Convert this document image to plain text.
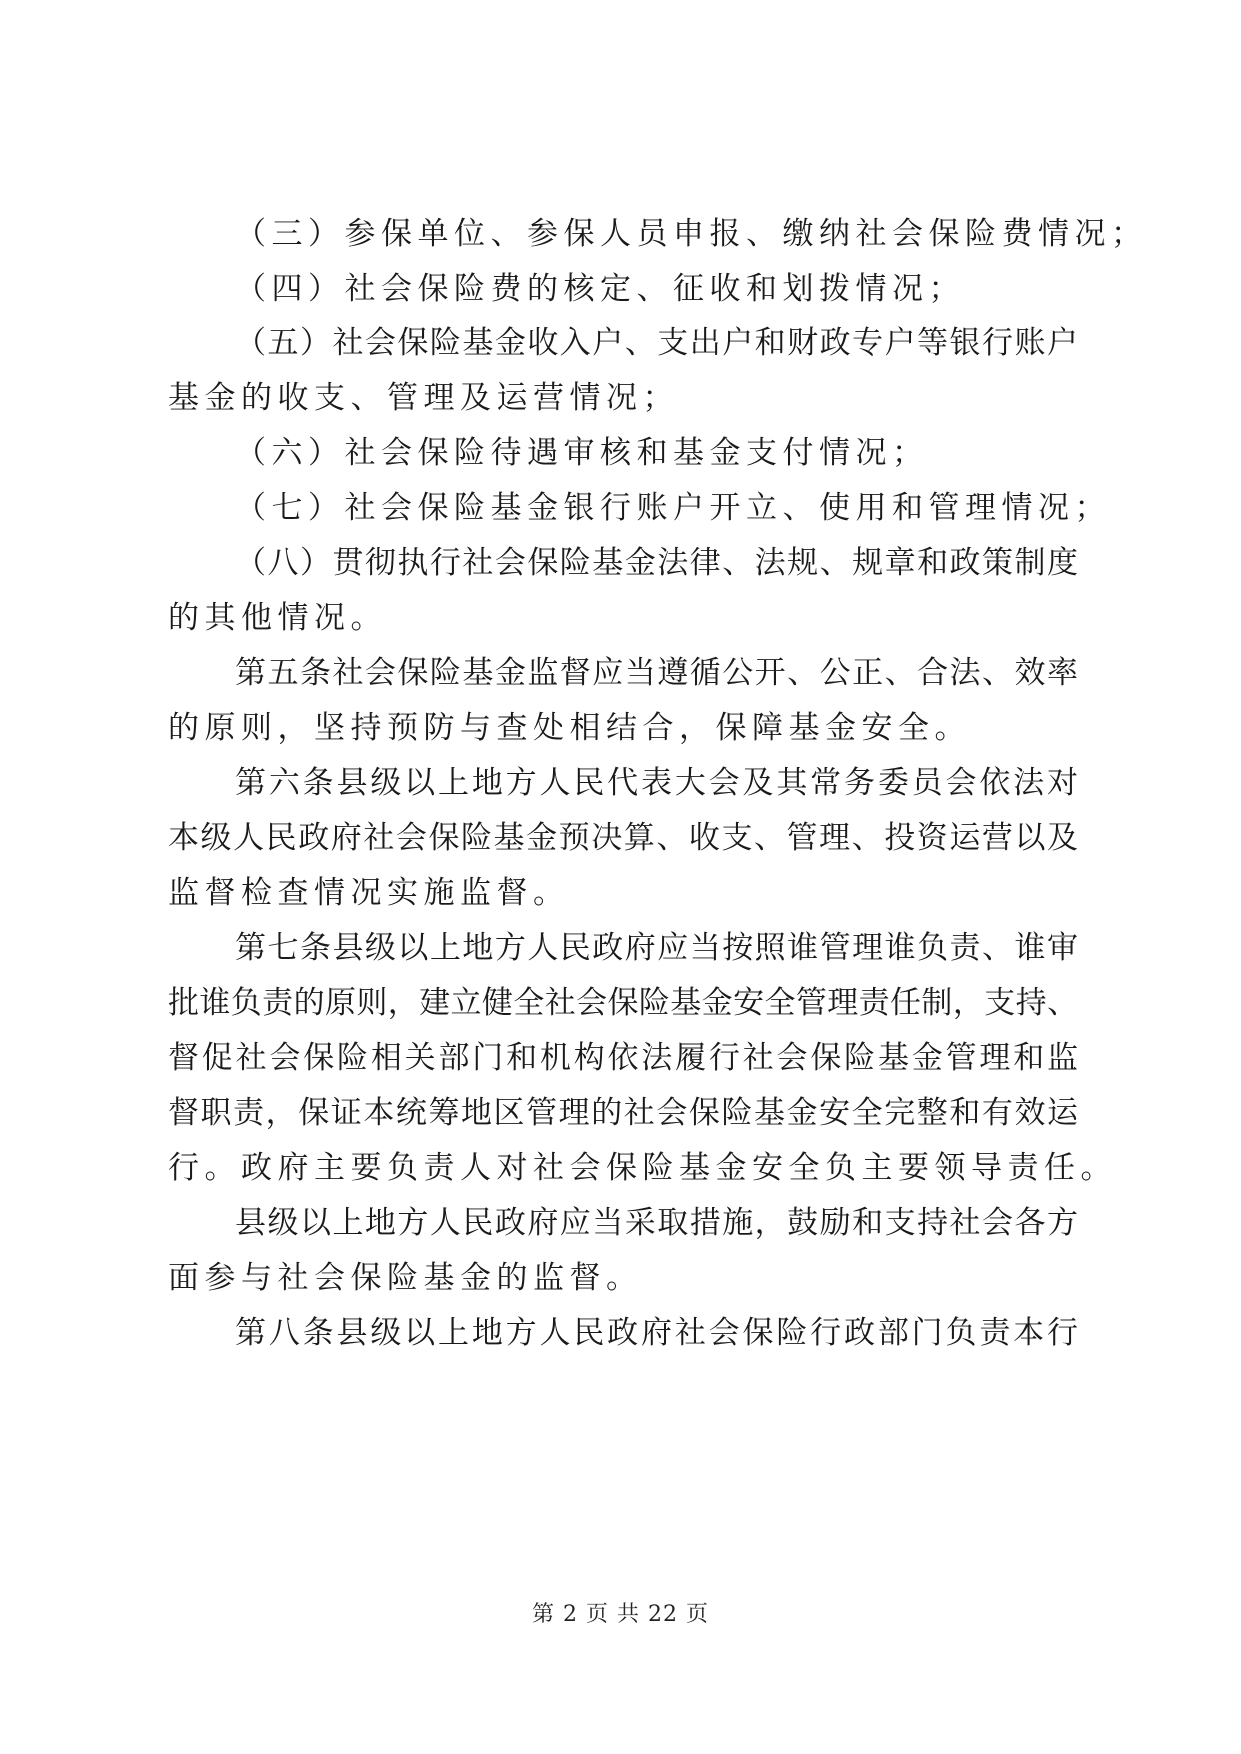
（三）参保单位、参保人员申报、缴纳社会保险费情况；
（四）社会保险费的核定、征收和划拨情况；
（五）社会保险基金收入户、支出户和财政专户等银行账户
基金的收支、管理及运营情况；
（六）社会保险待遇审核和基金支付情况；
（七）社会保险基金银行账户开立、使用和管理情况；
（八）贯彻执行社会保险基金法律、法规、规章和政策制度
的其他情况。
第五条社会保险基金监督应当遵循公开、公正、合法、效率
的原则，坚持预防与查处相结合，保障基金安全。
第六条县级以上地方人民代表大会及其常务委员会依法对
本级人民政府社会保险基金预决算、收支、管理、投资运营以及
监督检查情况实施监督。
第七条县级以上地方人民政府应当按照谁管理谁负责、谁审
批谁负责的原则，建立健全社会保险基金安全管理责任制，支持、
督促社会保险相关部门和机构依法履行社会保险基金管理和监
督职责，保证本统筹地区管理的社会保险基金安全完整和有效运
行。政府主要负责人对社会保险基金安全负主要领导责任。
县级以上地方人民政府应当采取措施，鼓励和支持社会各方
面参与社会保险基金的监督。
第八条县级以上地方人民政府社会保险行政部门负责本行
第 2 页 共 22 页
